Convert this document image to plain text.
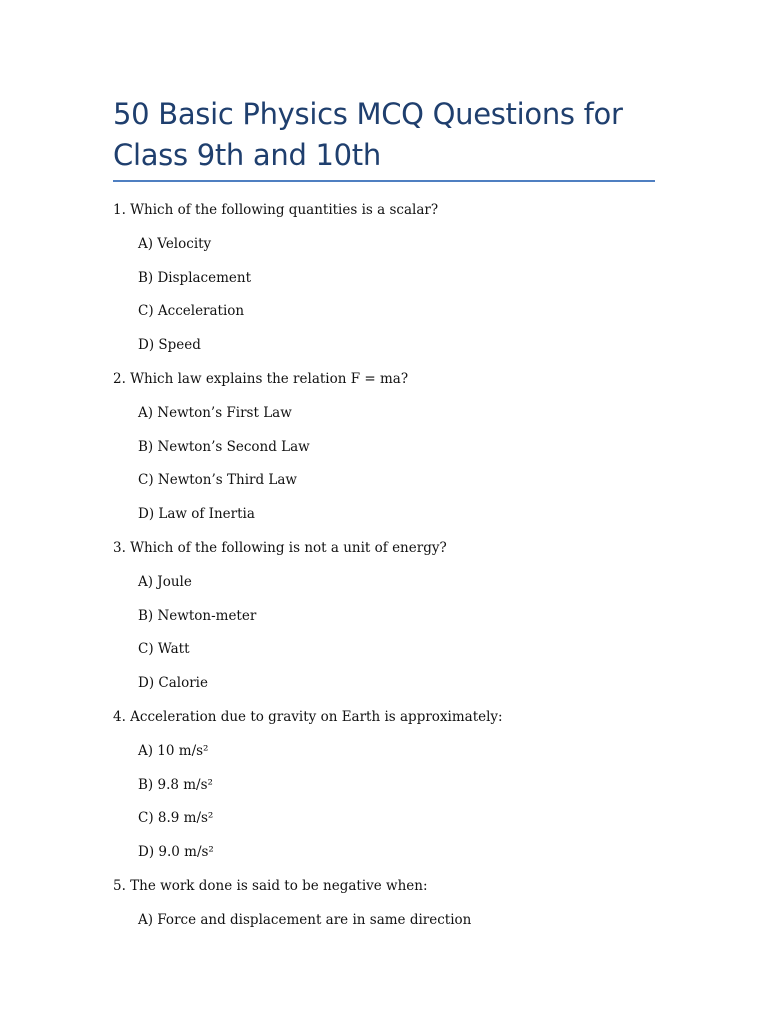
50 Basic Physics MCQ Questions for Class 9th and 10th
1. Which of the following quantities is a scalar?
A) Velocity
B) Displacement
C) Acceleration
D) Speed
2. Which law explains the relation F = ma?
A) Newton’s First Law
B) Newton’s Second Law
C) Newton’s Third Law
D) Law of Inertia
3. Which of the following is not a unit of energy?
A) Joule
B) Newton-meter
C) Watt
D) Calorie
4. Acceleration due to gravity on Earth is approximately:
A) 10 m/s²
B) 9.8 m/s²
C) 8.9 m/s²
D) 9.0 m/s²
5. The work done is said to be negative when:
A) Force and displacement are in same direction
